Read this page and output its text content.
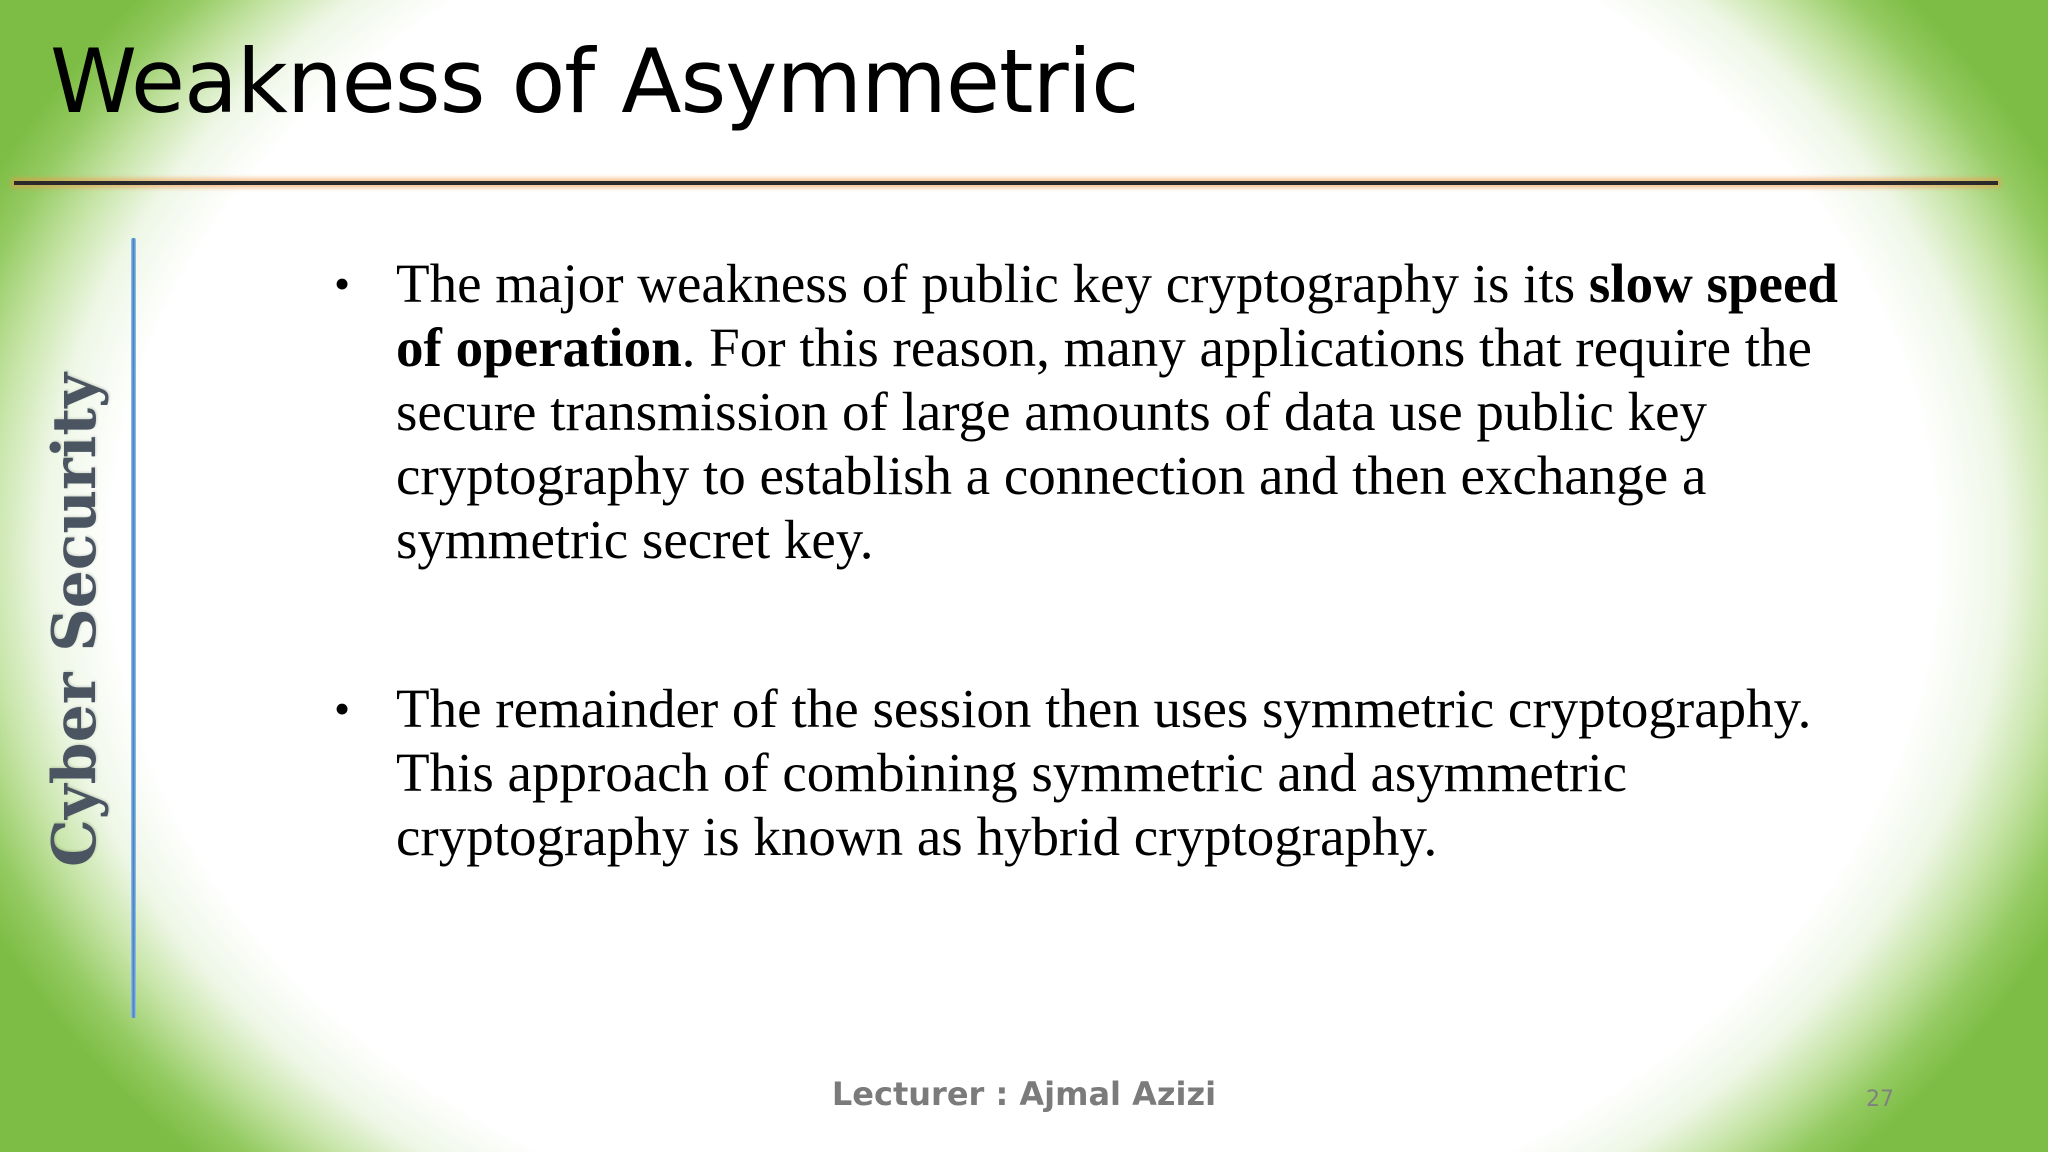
Weakness of Asymmetric
Cyber Security
• The major weakness of public key cryptography is its slow speed of operation. For this reason, many applications that require the secure transmission of large amounts of data use public key cryptography to establish a connection and then exchange a symmetric secret key.
• The remainder of the session then uses symmetric cryptography. This approach of combining symmetric and asymmetric cryptography is known as hybrid cryptography.
Lecturer : Ajmal Azizi	27
